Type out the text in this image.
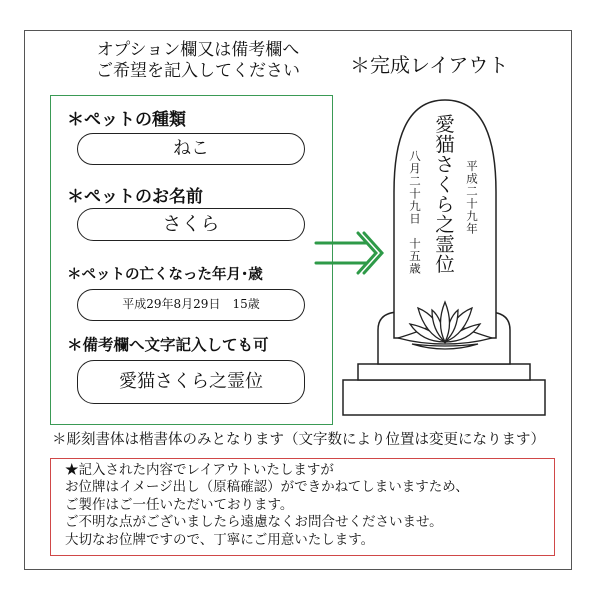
オプション欄又は備考欄へ
ご希望を記入してください	＊完成レイアウト
＊ペットの種類
ねこ
＊ペットのお名前
さくら
＊ペットの亡くなった年月･歳
平成29年8月29日　15歳
＊備考欄へ文字記入しても可
愛猫さくら之霊位
愛猫さくら之霊位 平成二十九年
八月二十九日　十五歳
＊彫刻書体は楷書体のみとなります（文字数により位置は変更になります）
★記入された内容でレイアウトいたしますが
お位牌はイメージ出し（原稿確認）ができかねてしまいますため、
ご製作はご一任いただいております。
ご不明な点がございましたら遠慮なくお問合せくださいませ。
大切なお位牌ですので、丁寧にご用意いたします。
